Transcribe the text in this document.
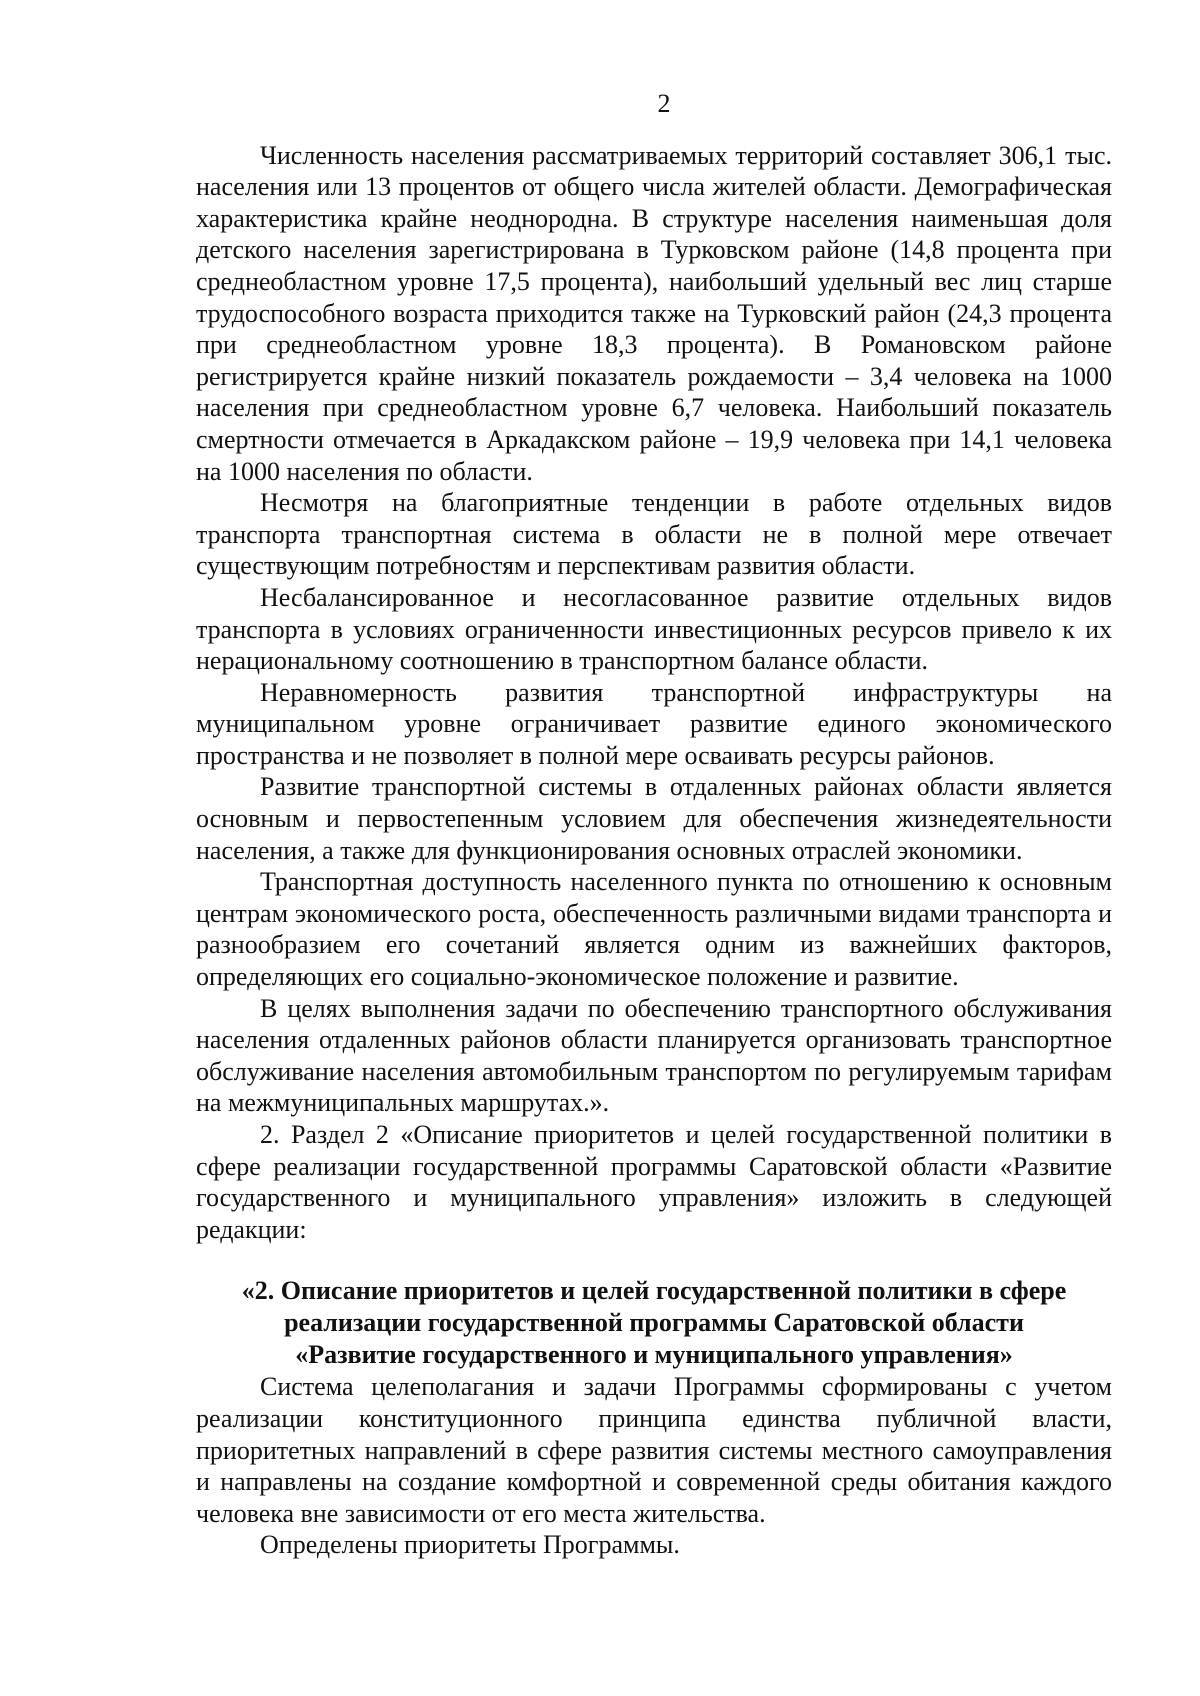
2

Численность населения рассматриваемых территорий составляет 306,1 тыс. населения или 13 процентов от общего числа жителей области. Демографическая характеристика крайне неоднородна. В структуре населения наименьшая доля детского населения зарегистрирована в Турковском районе (14,8 процента при среднеобластном уровне 17,5 процента), наибольший удельный вес лиц старше трудоспособного возраста приходится также на Турковский район (24,3 процента при среднеобластном уровне 18,3 процента). В Романовском районе регистрируется крайне низкий показатель рождаемости – 3,4 человека на 1000 населения при среднеобластном уровне 6,7 человека. Наибольший показатель смертности отмечается в Аркадакском районе – 19,9 человека при 14,1 человека на 1000 населения по области.

Несмотря на благоприятные тенденции в работе отдельных видов транспорта транспортная система в области не в полной мере отвечает существующим потребностям и перспективам развития области.

Несбалансированное и несогласованное развитие отдельных видов транспорта в условиях ограниченности инвестиционных ресурсов привело к их нерациональному соотношению в транспортном балансе области.

Неравномерность развития транспортной инфраструктуры на муниципальном уровне ограничивает развитие единого экономического пространства и не позволяет в полной мере осваивать ресурсы районов.

Развитие транспортной системы в отдаленных районах области является основным и первостепенным условием для обеспечения жизнедеятельности населения, а также для функционирования основных отраслей экономики.

Транспортная доступность населенного пункта по отношению к основным центрам экономического роста, обеспеченность различными видами транспорта и разнообразием его сочетаний является одним из важнейших факторов, определяющих его социально-экономическое положение и развитие.

В целях выполнения задачи по обеспечению транспортного обслуживания населения отдаленных районов области планируется организовать транспортное обслуживание населения автомобильным транспортом по регулируемым тарифам на межмуниципальных маршрутах.».

2. Раздел 2 «Описание приоритетов и целей государственной политики в сфере реализации государственной программы Саратовской области «Развитие государственного и муниципального управления» изложить в следующей редакции:

«2. Описание приоритетов и целей государственной политики в сфере
реализации государственной программы Саратовской области
«Развитие государственного и муниципального управления»

Система целеполагания и задачи Программы сформированы с учетом реализации конституционного принципа единства публичной власти, приоритетных направлений в сфере развития системы местного самоуправления и направлены на создание комфортной и современной среды обитания каждого человека вне зависимости от его места жительства.

Определены приоритеты Программы.
